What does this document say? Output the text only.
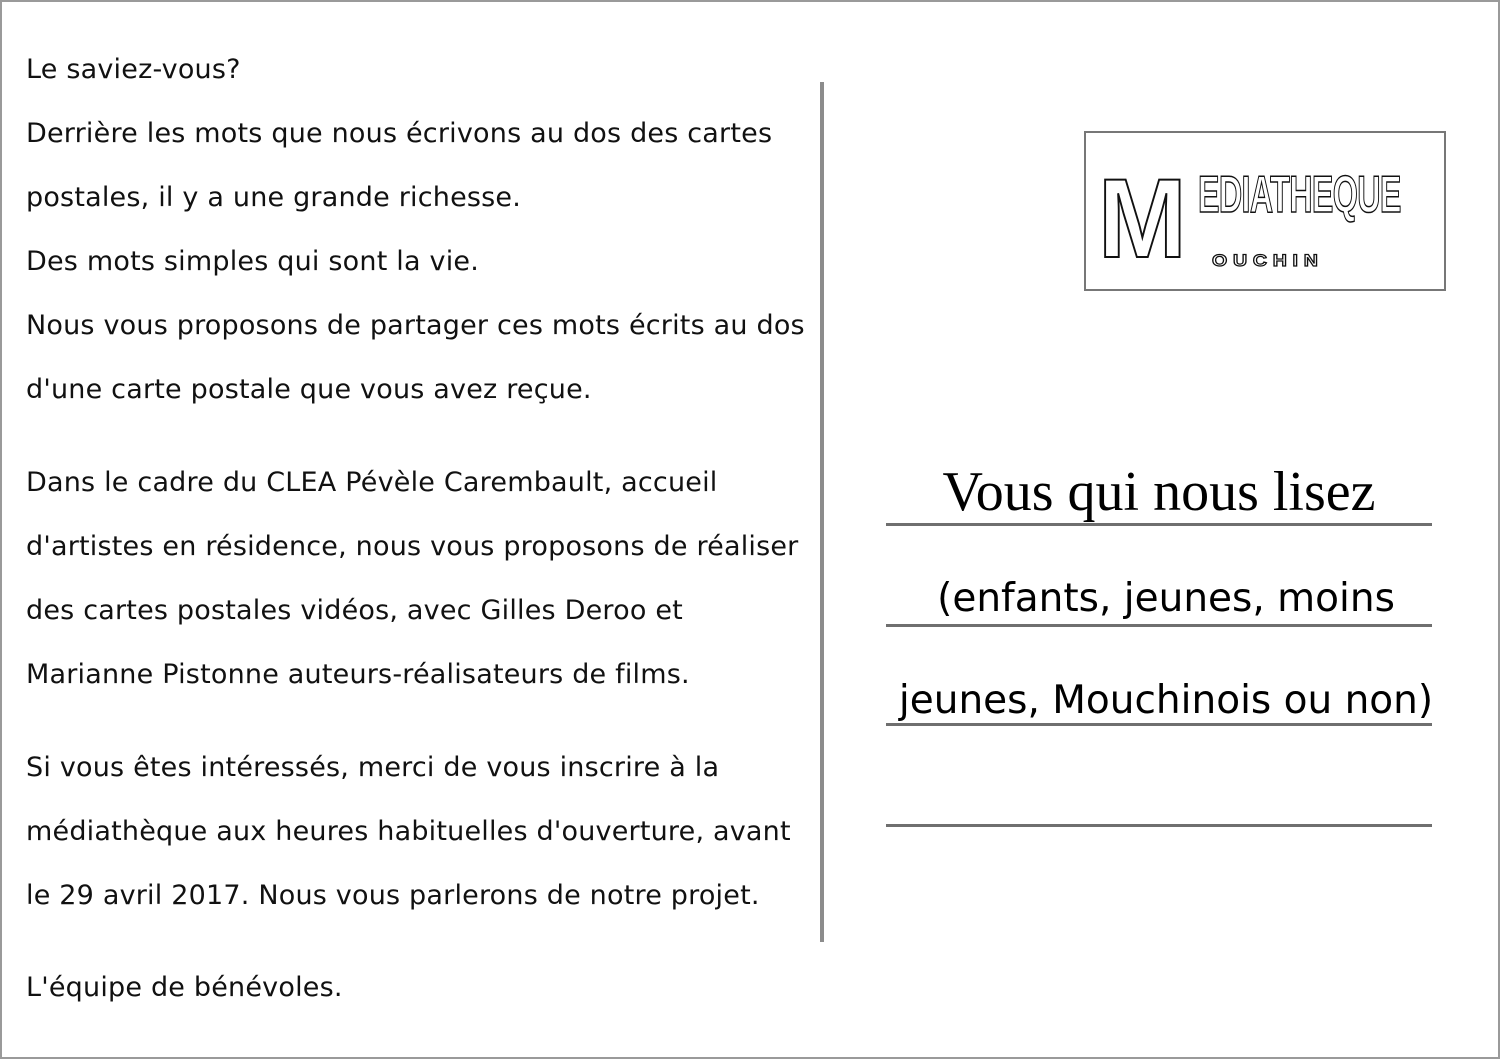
Le saviez-vous?
Derrière les mots que nous écrivons au dos des cartes
postales, il y a une grande richesse.
Des mots simples qui sont la vie.
Nous vous proposons de partager ces mots écrits au dos
d'une carte postale que vous avez reçue.
Dans le cadre du CLEA Pévèle Carembault, accueil
d'artistes en résidence, nous vous proposons de réaliser
des cartes postales vidéos, avec Gilles Deroo et
Marianne Pistonne auteurs-réalisateurs de films.
Si vous êtes intéressés, merci de vous inscrire à la
médiathèque aux heures habituelles d'ouverture, avant
le 29 avril 2017. Nous vous parlerons de notre projet.
L'équipe de bénévoles.
M EDIATHEQUE
OUCHIN
Vous qui nous lisez
(enfants, jeunes, moins
jeunes, Mouchinois ou non)
